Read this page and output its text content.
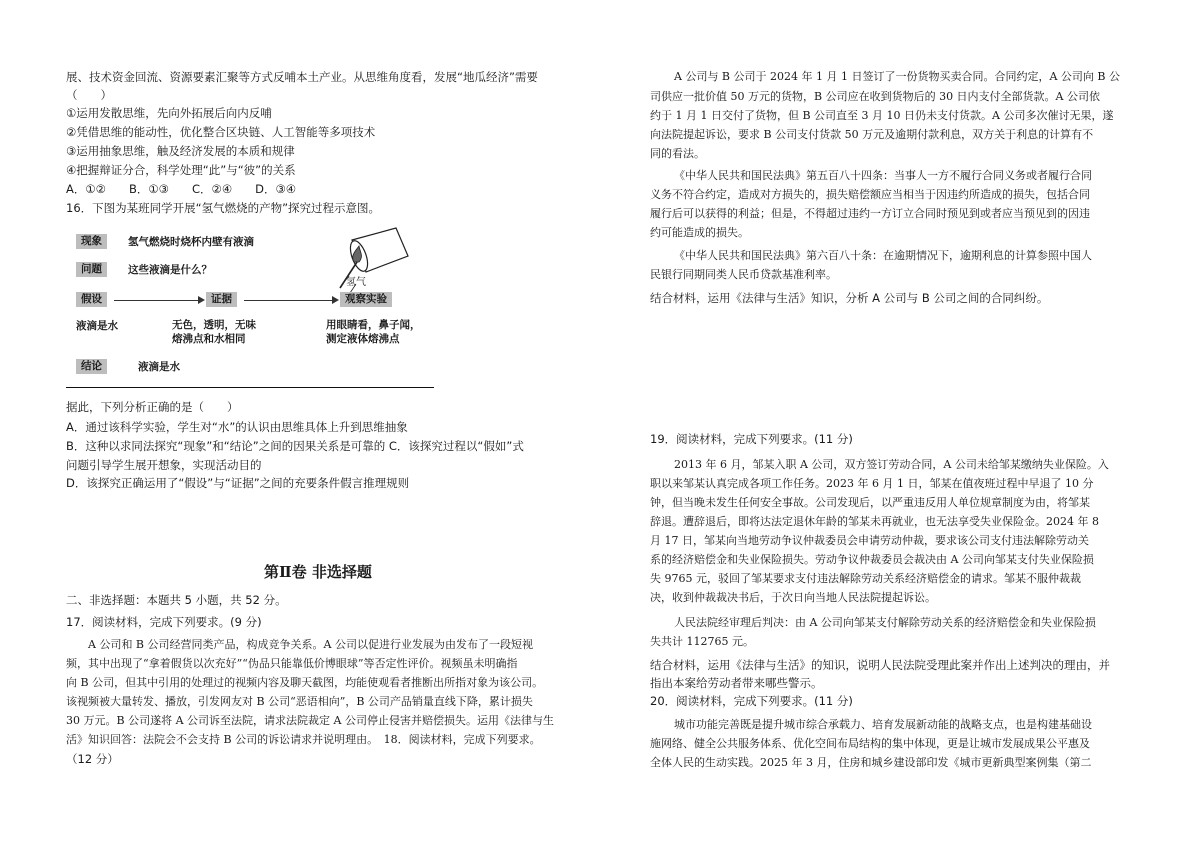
展、技术资金回流、资源要素汇聚等方式反哺本土产业。从思维角度看，发展“地瓜经济”需要

（　　）

①运用发散思维，先向外拓展后向内反哺

②凭借思维的能动性，优化整合区块链、人工智能等多项技术

③运用抽象思维，触及经济发展的本质和规律

④把握辩证分合，科学处理“此”与“彼”的关系

A．①②　　B．①③　　C．②④　　D．③④

16．下图为某班同学开展“氢气燃烧的产物”探究过程示意图。

现象	氢气燃烧时烧杯内壁有液滴
问题	这些液滴是什么？
氢气
假设	证据	观察实验
液滴是水	无色，透明，无味
熔沸点和水相同
用眼睛看，鼻子闻，
测定液体熔沸点
结论	液滴是水

据此，下列分析正确的是（　　）

A．通过该科学实验，学生对“水”的认识由思维具体上升到思维抽象

B．这种以求同法探究“现象”和“结论”之间的因果关系是可靠的 C．该探究过程以“假如”式

问题引导学生展开想象，实现活动目的

D．该探究正确运用了“假设”与“证据”之间的充要条件假言推理规则

第Ⅱ卷 非选择题

二、非选择题：本题共 5 小题，共 52 分。

17．阅读材料，完成下列要求。(9 分)

A 公司和 B 公司经营同类产品，构成竞争关系。A 公司以促进行业发展为由发布了一段短视

频，其中出现了“拿着假货以次充好”“伪品只能靠低价博眼球”等否定性评价。视频虽未明确指

向 B 公司，但其中引用的处理过的视频内容及聊天截图，均能使观看者推断出所指对象为该公司。

该视频被大量转发、播放，引发网友对 B 公司“恶语相向”，B 公司产品销量直线下降，累计损失

30 万元。B 公司遂将 A 公司诉至法院，请求法院裁定 A 公司停止侵害并赔偿损失。运用《法律与生

活》知识回答：法院会不会支持 B 公司的诉讼请求并说明理由。　18．阅读材料，完成下列要求。

（12 分）

A 公司与 B 公司于 2024 年 1 月 1 日签订了一份货物买卖合同。合同约定，A 公司向 B 公

司供应一批价值 50 万元的货物，B 公司应在收到货物后的 30 日内支付全部货款。A 公司依

约于 1 月 1 日交付了货物，但 B 公司直至 3 月 10 日仍未支付货款。A 公司多次催讨无果，遂

向法院提起诉讼，要求 B 公司支付货款 50 万元及逾期付款利息，双方关于利息的计算有不

同的看法。

《中华人民共和国民法典》第五百八十四条：当事人一方不履行合同义务或者履行合同

义务不符合约定，造成对方损失的，损失赔偿额应当相当于因违约所造成的损失，包括合同

履行后可以获得的利益；但是，不得超过违约一方订立合同时预见到或者应当预见到的因违

约可能造成的损失。

《中华人民共和国民法典》第六百八十条：在逾期情况下，逾期利息的计算参照中国人

民银行同期同类人民币贷款基准利率。

结合材料，运用《法律与生活》知识，分析 A 公司与 B 公司之间的合同纠纷。

19．阅读材料，完成下列要求。(11 分)

2013 年 6 月，邹某入职 A 公司，双方签订劳动合同，A 公司未给邹某缴纳失业保险。入

职以来邹某认真完成各项工作任务。2023 年 6 月 1 日，邹某在值夜班过程中早退了 10 分

钟，但当晚未发生任何安全事故。公司发现后，以严重违反用人单位规章制度为由，将邹某

辞退。遭辞退后，即将达法定退休年龄的邹某未再就业，也无法享受失业保险金。2024 年 8

月 17 日，邹某向当地劳动争议仲裁委员会申请劳动仲裁，要求该公司支付违法解除劳动关

系的经济赔偿金和失业保险损失。劳动争议仲裁委员会裁决由 A 公司向邹某支付失业保险损

失 9765 元，驳回了邹某要求支付违法解除劳动关系经济赔偿金的请求。邹某不服仲裁裁

决，收到仲裁裁决书后，于次日向当地人民法院提起诉讼。

人民法院经审理后判决：由 A 公司向邹某支付解除劳动关系的经济赔偿金和失业保险损

失共计 112765 元。

结合材料，运用《法律与生活》的知识，说明人民法院受理此案并作出上述判决的理由，并

指出本案给劳动者带来哪些警示。

20．阅读材料，完成下列要求。(11 分)

城市功能完善既是提升城市综合承载力、培育发展新动能的战略支点，也是构建基础设

施网络、健全公共服务体系、优化空间布局结构的集中体现，更是让城市发展成果公平惠及

全体人民的生动实践。2025 年 3 月，住房和城乡建设部印发《城市更新典型案例集（第二
